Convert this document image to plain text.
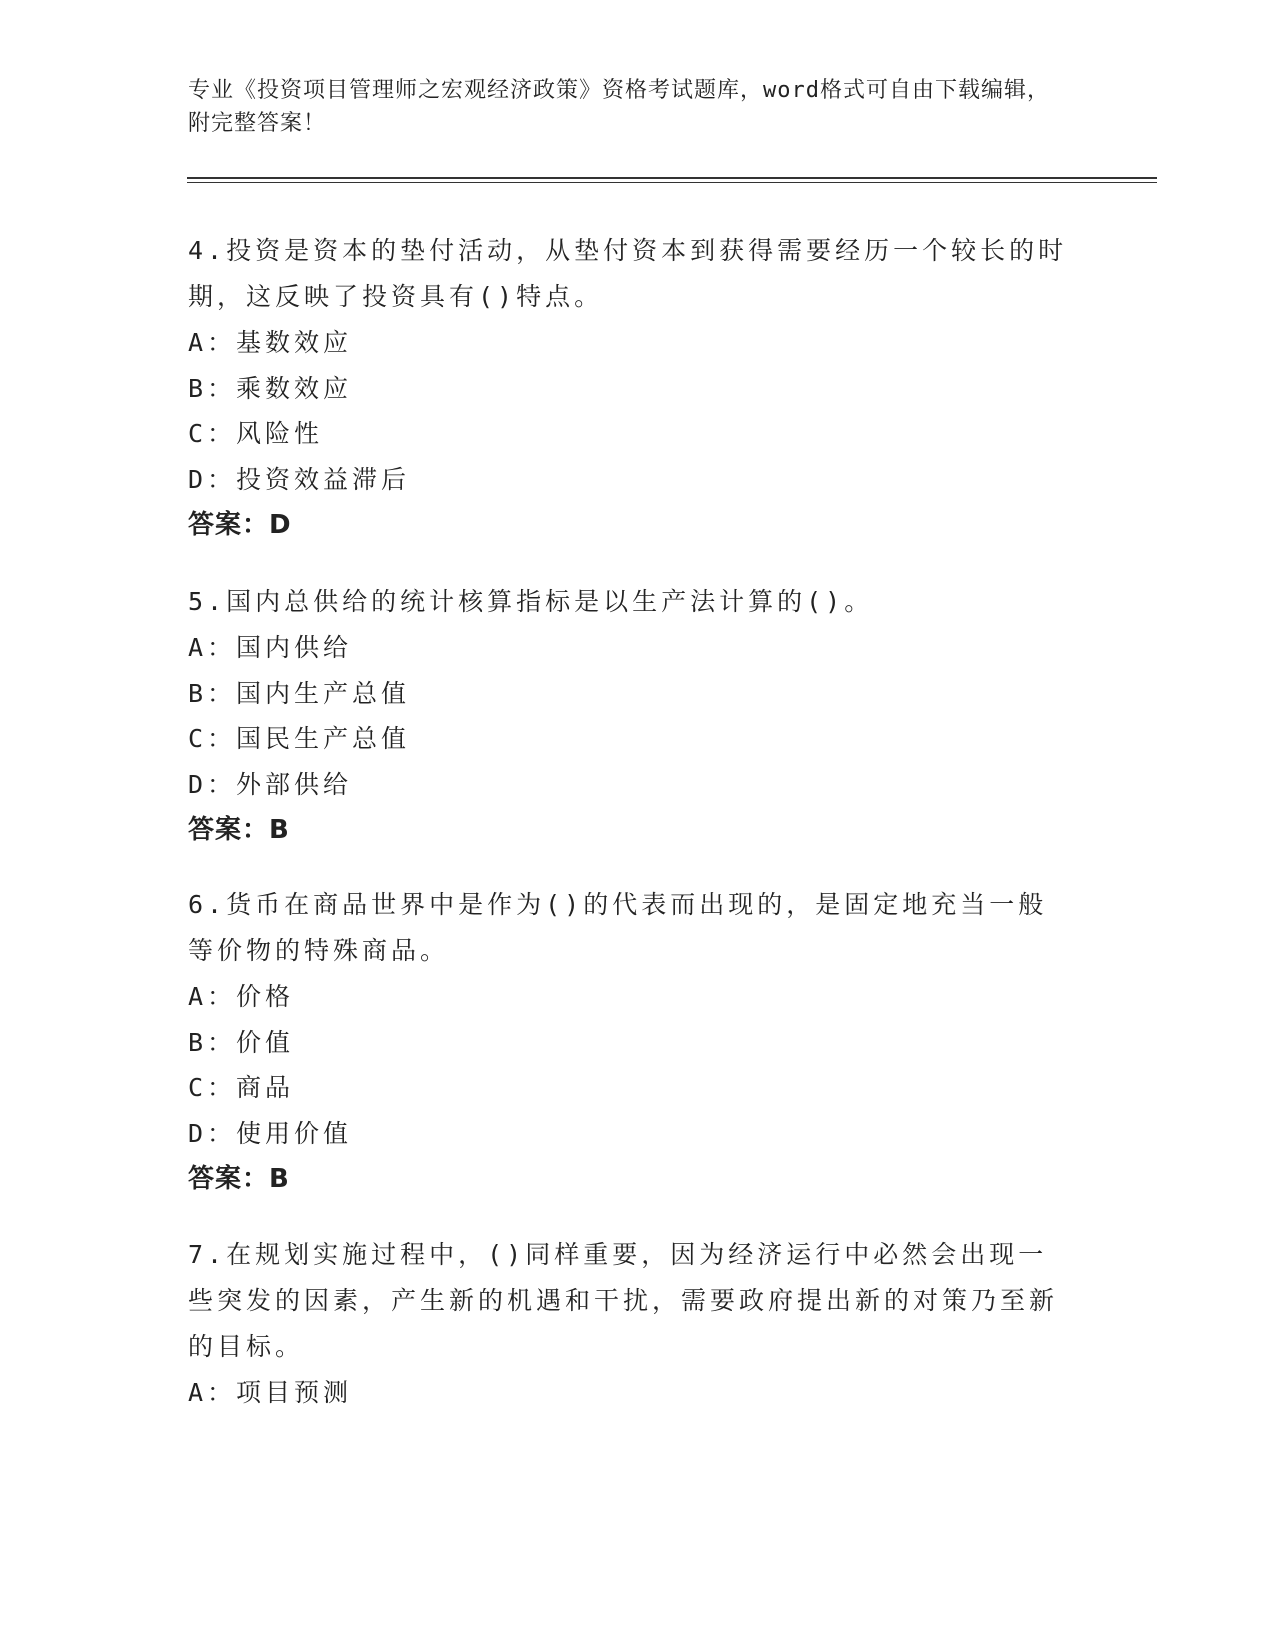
专业《投资项目管理师之宏观经济政策》资格考试题库，word格式可自由下载编辑，附完整答案！

4.投资是资本的垫付活动，从垫付资本到获得需要经历一个较长的时期，这反映了投资具有()特点。

A：基数效应

B：乘数效应

C：风险性

D：投资效益滞后

答案：D

5.国内总供给的统计核算指标是以生产法计算的()。

A：国内供给

B：国内生产总值

C：国民生产总值

D：外部供给

答案：B

6.货币在商品世界中是作为()的代表而出现的，是固定地充当一般等价物的特殊商品。

A：价格

B：价值

C：商品

D：使用价值

答案：B

7.在规划实施过程中，()同样重要，因为经济运行中必然会出现一些突发的因素，产生新的机遇和干扰，需要政府提出新的对策乃至新的目标。

A：项目预测
